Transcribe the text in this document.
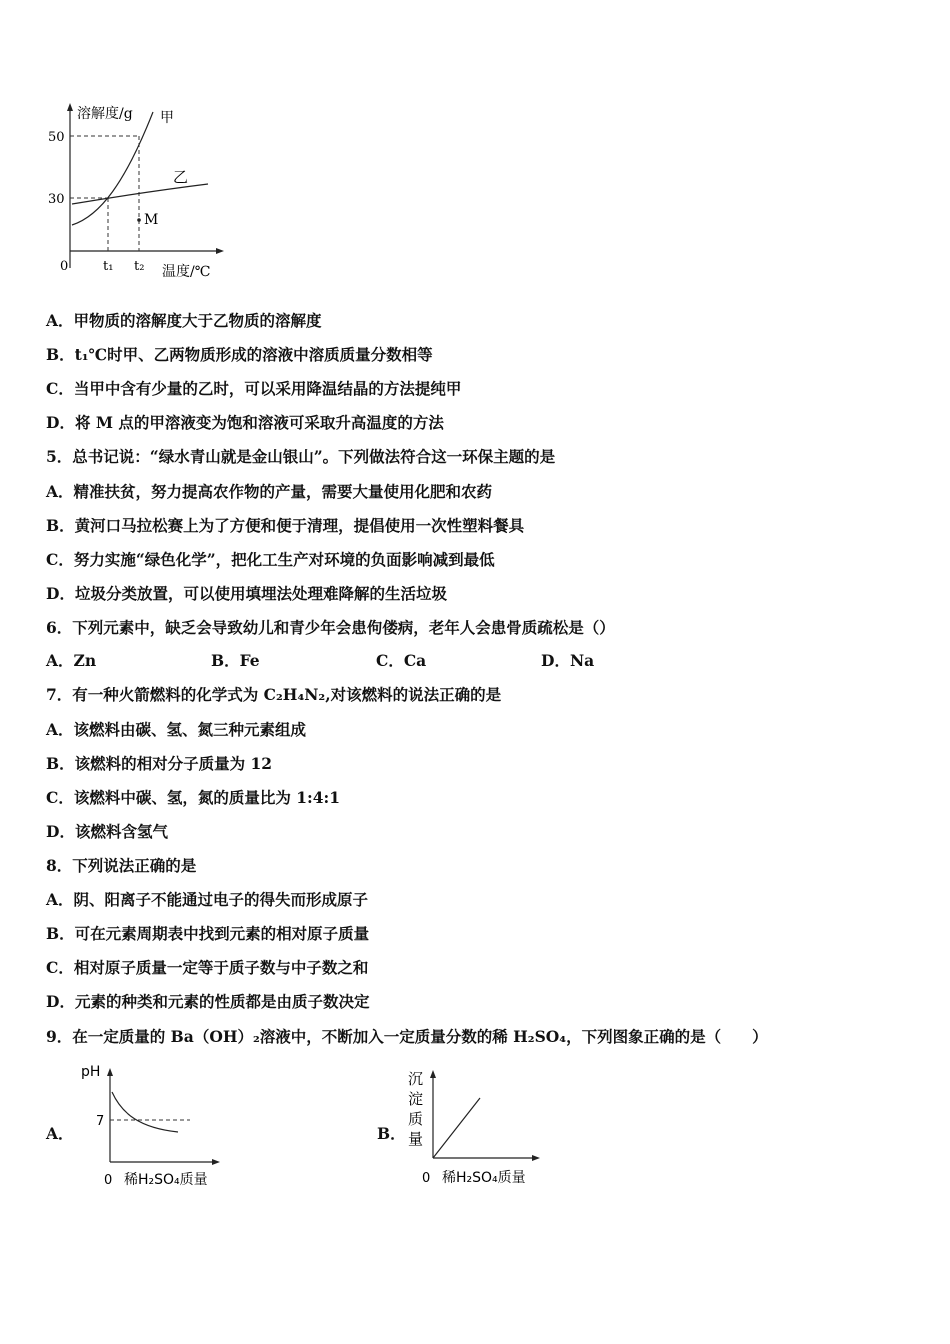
溶解度/g 甲
乙
M
50
30
0	t₁ t₂ 温度/℃
A．甲物质的溶解度大于乙物质的溶解度
B．t₁℃时甲、乙两物质形成的溶液中溶质质量分数相等
C．当甲中含有少量的乙时，可以采用降温结晶的方法提纯甲
D．将 M 点的甲溶液变为饱和溶液可采取升高温度的方法
5．总书记说：“绿水青山就是金山银山”。下列做法符合这一环保主题的是
A．精准扶贫，努力提高农作物的产量，需要大量使用化肥和农药
B．黄河口马拉松赛上为了方便和便于清理，提倡使用一次性塑料餐具
C．努力实施“绿色化学”，把化工生产对环境的负面影响减到最低
D．垃圾分类放置，可以使用填埋法处理难降解的生活垃圾
6．下列元素中，缺乏会导致幼儿和青少年会患佝偻病，老年人会患骨质疏松是（）
A．Zn	B．Fe	C．Ca	D．Na
7．有一种火箭燃料的化学式为 C₂H₄N₂,对该燃料的说法正确的是
A．该燃料由碳、氢、氮三种元素组成
B．该燃料的相对分子质量为 12
C．该燃料中碳、氢，氮的质量比为 1:4:1
D．该燃料含氢气
8．下列说法正确的是
A．阴、阳离子不能通过电子的得失而形成原子
B．可在元素周期表中找到元素的相对原子质量
C．相对原子质量一定等于质子数与中子数之和
D．元素的种类和元素的性质都是由质子数决定
9．在一定质量的 Ba（OH）₂溶液中，不断加入一定质量分数的稀 H₂SO₄，下列图象正确的是（　　）
A．
pH
7
0 稀H₂SO₄质量
B．
沉
淀
质
量
0 稀H₂SO₄质量
